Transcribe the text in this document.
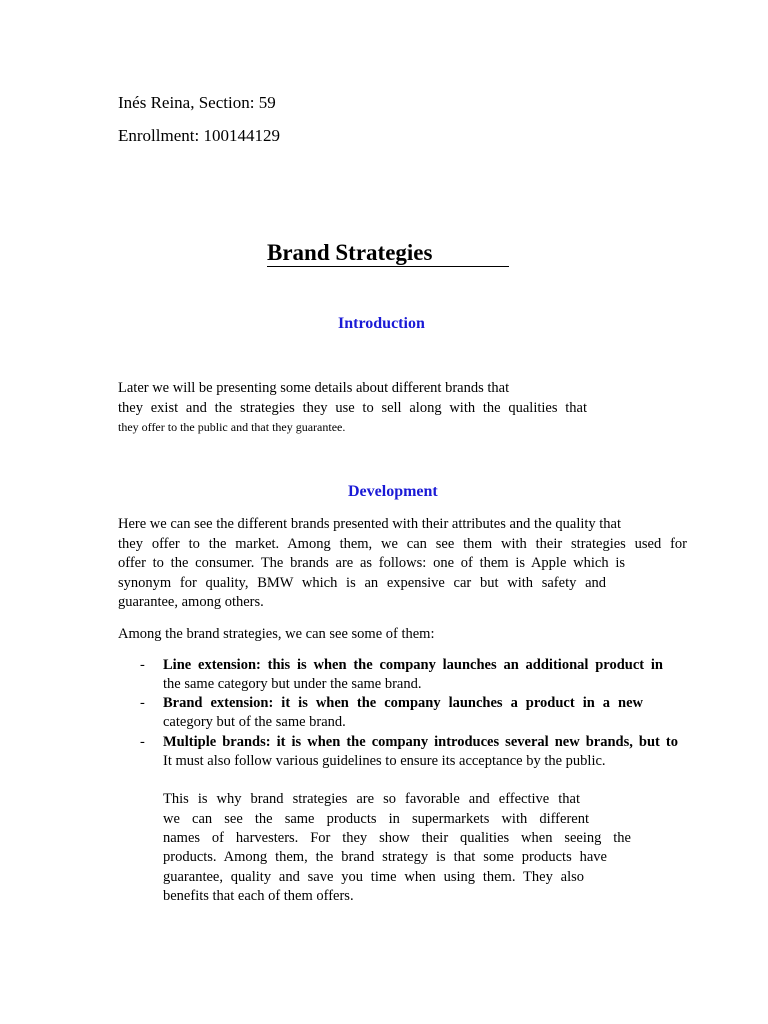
Inés Reina, Section: 59
Enrollment: 100144129
Brand Strategies
Introduction
Later we will be presenting some details about different brands that
they exist and the strategies they use to sell along with the qualities that
they offer to the public and that they guarantee.
Development
Here we can see the different brands presented with their attributes and the quality that
they offer to the market. Among them, we can see them with their strategies used for
offer to the consumer. The brands are as follows: one of them is Apple which is
synonym for quality, BMW which is an expensive car but with safety and
guarantee, among others.
Among the brand strategies, we can see some of them:
- Line extension: this is when the company launches an additional product in
the same category but under the same brand.
- Brand extension: it is when the company launches a product in a new
category but of the same brand.
- Multiple brands: it is when the company introduces several new brands, but to
It must also follow various guidelines to ensure its acceptance by the public.
This is why brand strategies are so favorable and effective that
we can see the same products in supermarkets with different
names of harvesters. For they show their qualities when seeing the
products. Among them, the brand strategy is that some products have
guarantee, quality and save you time when using them. They also
benefits that each of them offers.
